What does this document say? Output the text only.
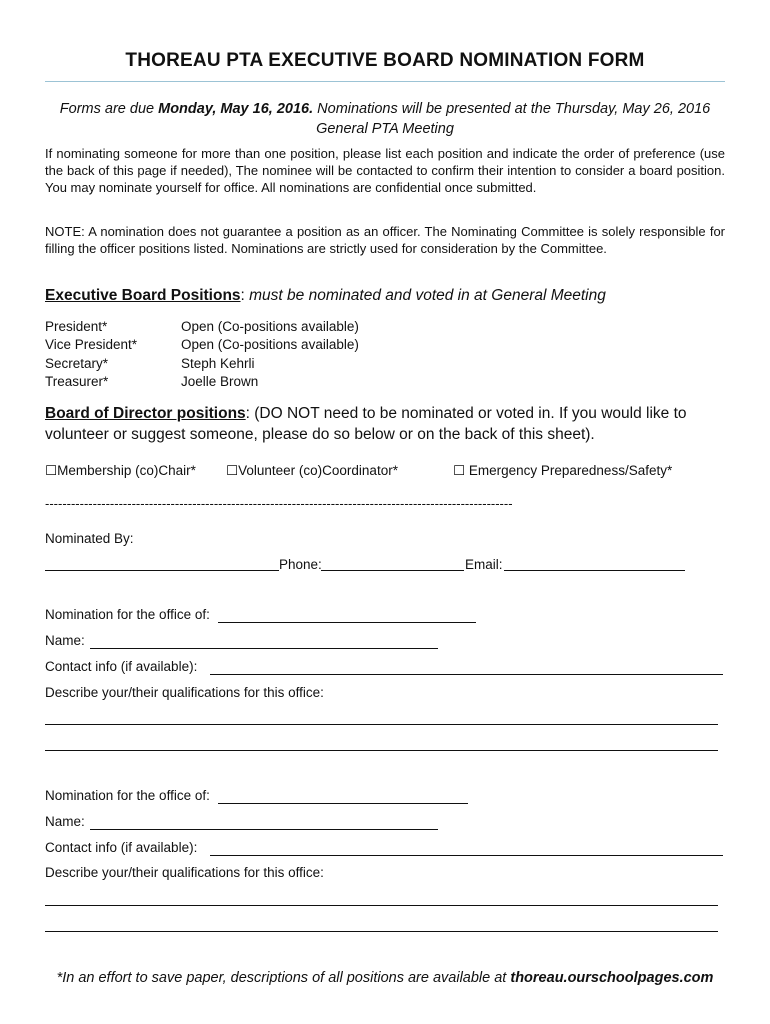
THOREAU PTA EXECUTIVE BOARD NOMINATION FORM
Forms are due Monday, May 16, 2016. Nominations will be presented at the Thursday, May 26, 2016 General PTA Meeting
If nominating someone for more than one position, please list each position and indicate the order of preference (use the back of this page if needed), The nominee will be contacted to confirm their intention to consider a board position. You may nominate yourself for office. All nominations are confidential once submitted.
NOTE: A nomination does not guarantee a position as an officer. The Nominating Committee is solely responsible for filling the officer positions listed. Nominations are strictly used for consideration by the Committee.
Executive Board Positions: must be nominated and voted in at General Meeting
President*	Open (Co-positions available)
Vice President*	Open (Co-positions available)
Secretary*	Steph Kehrli
Treasurer*	Joelle Brown
Board of Director positions: (DO NOT need to be nominated or voted in. If you would like to volunteer or suggest someone, please do so below or on the back of this sheet).
☐Membership (co)Chair* ☐Volunteer (co)Coordinator*	☐ Emergency Preparedness/Safety*
------------------------------------------------------------------------------------------------------------
Nominated By:
Phone:	Email:
Nomination for the office of:
Name:
Contact info (if available):
Describe your/their qualifications for this office:
Nomination for the office of:
Name:
Contact info (if available):
Describe your/their qualifications for this office:
*In an effort to save paper, descriptions of all positions are available at thoreau.ourschoolpages.com
